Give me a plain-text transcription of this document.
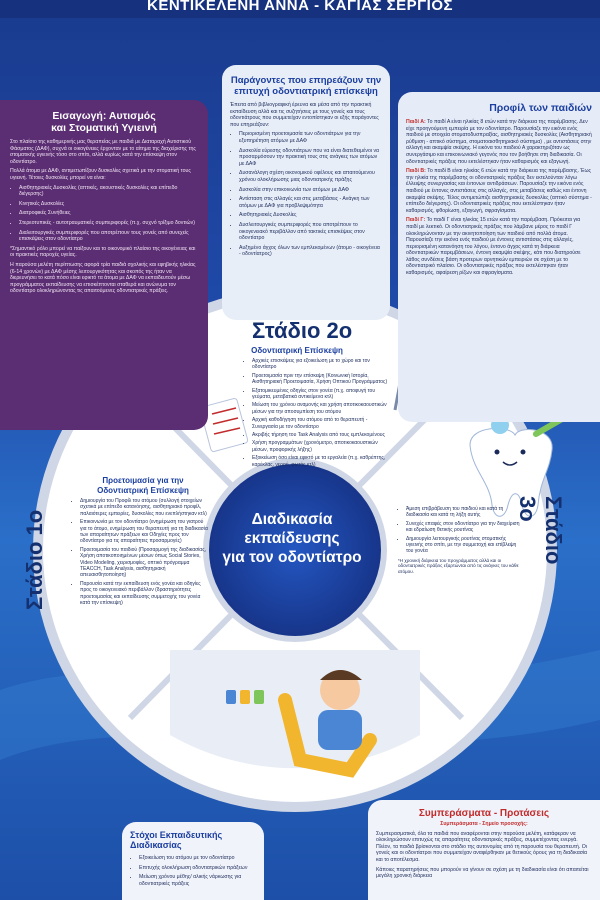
ΚΕΝΤΙΚΕΛΕΝΗ ΑΝΝΑ - ΚΑΓΙΑΣ ΣΕΡΓΙΟΣ
Εισαγωγή: Αυτισμός
και Στοματική Υγιεινή

Στο πλαίσιο της καθημερινής μας θεραπείας με παιδιά με Διαταραχή Αυτιστικού Φάσματος (ΔΑΦ), συχνά οι οικογένειες έρχονταν με το αίτημα της διαχείρισης της στοματικής υγιεινής τόσο στο σπίτι, αλλά κυρίως κατά την επίσκεψη στον οδοντίατρο.

Πολλά άτομα με ΔΑΦ, αντιμετωπίζουν δυσκολίες σχετικά με την στοματική τους υγιεινή. Τέτοιες δυσκολίες μπορεί να είναι:

• Αισθητηριακές Δυσκολίες (απτικές, ακουστικές δυσκολίες και επίπεδο διέγερσης)
• Κινητικές Δυσκολίες
• Διατροφικές Συνήθειες
• Στερεοτυπικές - αυτοτραυματικές συμπεριφορές (π.χ. συχνό τρίξιμο δοντιών)
• Διαλειτουργικές συμπεριφορές που αποτρέπουν τους γονείς από συνεχείς επισκέψεις στον οδοντίατρο

*Σημαντικό ρόλο μπορεί να παίξουν και το οικονομικό πλαίσιο της οικογένειας και οι πρακτικές παροχές υγείας.

Η παρούσα μελέτη περίπτωσης αφορά τρία παιδιά σχολικής και εφηβικής ηλικίας (6-14 χρονών) με ΔΑΦ μέσης λειτουργικότητας και σκοπός της ήταν να διερευνήσει το κατά πόσο είναι εφικτό τα άτομα με ΔΑΦ να εκπαιδευτούν μέσω προγράμματος εκπαίδευσης να επισκέπτονται σταθερά και ανώνυμα τον οδοντίατρο ολοκληρώνοντας τις απαιτούμενες οδοντιατρικές πράξεις.

Παράγοντες που επηρεάζουν την επιτυχή οδοντιατρική επίσκεψη

Έπειτα από βιβλιογραφική έρευνα και μέσα από την πρακτική εκπαίδευση αλλά και τις συζητήσεις με τους γονείς και τους οδοντιάτρους που συμμετείχαν εντοπίστηκαν οι εξής παράγοντες που επηρεάζουν:

• Περιορισμένη προετοιμασία των οδοντιάτρων για την εξυπηρέτηση ατόμων με ΔΑΦ
• Δυσκολία εύρεσης οδοντιάτρων που να είναι διατεθειμένοι να προσαρμόσουν την πρακτική τους στις ανάγκες των ατόμων με ΔΑΦ
• Δυσανάλογη σχέση οικονομικού οφέλους και απαιτούμενου χρόνου ολοκλήρωσης μιας οδοντιατρικής πράξης
• Δυσκολία στην επικοινωνία των ατόμων με ΔΑΦ
• Αντίσταση στις αλλαγές και στις μεταβάσεις - Ανάγκη των ατόμων με ΔΑΦ για προβλεψιμότητα
• Αισθητηριακές Δυσκολίες
• Δυσλειτουργικές συμπεριφορές που αποτρέπουν το οικογενειακό περιβάλλον από τακτικές επισκέψεις στον οδοντίατρο
• Αυξημένο άγχος όλων των εμπλεκομένων (άτομο - οικογένεια - οδοντίατρος)
Προφίλ των παιδιών

Παιδί Α: Το παιδί Α είναι ηλικίας 8 ετών κατά την διάρκεια της παρέμβασης. Δεν είχε προηγούμενη εμπειρία με τον οδοντίατρο. Παρουσίαζε την εικόνα ενός παιδιού με στοιχεία στοματοδυσπραξίας, αισθητηριακές δυσκολίες (Αισθητηριακή ρύθμιση - απτικό σύστημα, στοματοαισθητηριακό σύστημα) , με αντιστάσεις στην αλλαγή και ακαμψία σκέψης. Η εικόνα του παιδιού Α χαρακτηριζόταν ως συνεργάσιμο και επικοινωνιακό γεγονός που τον βοήθησε στη διαδικασία. Οι οδοντιατρικές πράξεις που εκτελέστηκαν ήταν καθαρισμός και εξαγωγή.

Παιδί Β: Το παιδί Β είναι ηλικίας 6 ετών κατά την διάρκεια της παρέμβασης. Έως την ηλικία της παρέμβασης οι οδοντιατρικές πράξεις δεν εκτελούνταν λόγω έλλειψης συνεργασίας και έντονων αντιδράσεων. Παρουσίαζε την εικόνα ενός παιδιού με έντονες αντιστάσεις στις αλλαγές, στις μεταβάσεις καθώς και έντονη ακαμψία σκέψης. Τέλος αντιμετώπιζε αισθητηριακές δυσκολίες (απτικό σύστημα - επίπεδο διέγερσης). Οι οδοντιατρικές πράξεις που εκτελέστηκαν ήταν καθαρισμός, φθορίωση, εξαγωγή, σφραγίσματα.

Παιδί Γ: Το παιδί Γ είναι ηλικίας 15 ετών κατά την παρέμβαση. Πρόκειται για παιδί με λεκτικό. Οι οδοντιατρικές πράξεις που λάμβανε μέρος το παιδί Γ ολοκληρώνονταν με την ακινητοποίηση των παιδιού από πολλά άτομα. Παρουσίαζε την εικόνα ενός παιδιού με έντονες αντιστάσεις στις αλλαγές, περιορισμένη κατανόηση του λόγου, έντονο άγχος κατά τη διάρκεια οδοντιατρικών παρεμβάσεων, έντονη ακαμψία σκέψης, κάτι που διατηρούσε λάθος συνδέσεις βάση προτερων αρνητικών εμπειριών σε σχέση με το οδοντιατρικό πλαίσιο. Οι οδοντιατρικές πράξεις που εκτελέστηκαν ήταν καθαρισμός, αφαίρεση ρίζων και σφραγίσματα.

Στάδιο 2ο
Οδοντιατρική Επίσκεψη
• Αρχικές επισκέψεις για εξοικείωση με το χώρο και τον οδοντίατρο
• Προετοιμασία πριν την επίσκεψη (Κοινωνική Ιστορία, Αισθητηριακή Προετοιμασία, Χρήση Οπτικού Προγράμματος)
• Εξατομικευμένες οδηγίες στον γονέα (π.χ. αποφυγή του γεύματα, μεταβατικά αντικείμενα κτλ)
• Μείωση του χρόνου αναμονής και χρήση αποτικοκαουστικών μέσων για την αποσυμπίεση του ατόμου
• Αρχική καθοδήγηση του ατόμου από το θεραπευτή - Συνεργασία με τον οδοντίατρο
• Ακριβής τήρηση του Task Analysis από τους εμπλεκομένους
• Χρήση προγραμμάτων (χρονόμετρο, αποτικοκαουστικών μέσων, προφορικής λήξης)
• Εξοικείωση όσο είναι εφικτό με τα εργαλεία (π.χ. καθρέπτης, καρέκλας, νερού, φωτός κτλ)
Στάδιο 1ο
Προετοιμασία για την Οδοντιατρική Επίσκεψη
• Δημιουργία του Προφίλ του ατόμου (συλλογή στοιχείων σχετικά με επίπεδο κατανόησης, αισθητηριακό προφίλ, παλαιότερες εμπειρίες, δυσκολίες που ενεπλήστηκαν κτλ)
• Επικοινωνία με τον οδοντίατρο (ενημέρωση του γιατρού για το άτομο, ενημέρωση του θεραπευτή για τη διαδικασία των απαραίτητων πράξεων και Οδηγίες προς τον οδοντίατρο για τις απαραίτητες προσαρμογές)
• Προετοιμασία του παιδιού (Προσαρμογή της διαδικασίας, Χρήση αποτικοποιημένων μέσων όπως Social Stories, Video Modeling, χειρισμοφίες, οπτικό πρόγραμμα TEACCH, Task Analysis, αισθητηριακή απευαισθητοποίηση)
• Παρουσία κατά την εκπαίδευση ενός γονέα και οδηγίες προς το οικογενειακό περιβάλλον (δραστηριότητες προετοιμασίας και εκπαίδευσης συμμετοχής του γονέα κατά την επίσκεψη)
Στάδιο 3ο
• Άμεση επιβράβευση του παιδιού και κατά τη διαδικασία και κατά τη λήξη αυτής
• Συνεχές επαφές στον οδοντίατρο για την διαχείριση και εδραίωση θετικής ρουτίνας
• Δημιουργία λειτουργικής ρουτίνας στοματικής υγιεινής στο σπίτι, με την συμμετοχή και επίβλεψη του γονέα

*Η χρονική διάρκεια του προγράμματος αλλά και οι οδοντιατρικές πράξεις εξαρτώνται από τις ανάγκες του κάθε ατόμου.

Διαδικασία
εκπαίδευσης
για τον οδοντίατρο
Στόχοι Εκπαιδευτικής Διαδικασίας
• Εξοικείωση του ατόμου με τον οδοντίατρο
• Επιτυχής ολοκλήρωση οδοντιατρικών πράξεων
• Μείωση χρόνου μέθης/ αλικής νάρκωσης για οδοντιατρικές πράξεις
Συμπεράσματα - Προτάσεις
Συμπεράσματα - Σημείο προσοχής:

Συμπερασματικά, όλα τα παιδιά που αναφέρονται στην παρούσα μελέτη, κατάφεραν να ολοκληρώσουν επιτυχώς τις απαραίτητες οδοντιατρικές πράξεις, συμμετέχοντας ενεργά. Πλέον, τα παιδιά βρίσκονται στο στάδιο της αυτονομίας από τη παρουσία του θεραπευτή. Οι γονείς και οι οδοντίατροι που συμμετείχαν αναφέρθηκαν με θετικούς όρους για τη διαδικασία και το αποτέλεσμα.

Κάποιες παρατηρήσεις που μπορούν να γίνουν σε σχέση με τη διαδικασία είναι ότι απαιτείται μεγάλη χρονική διάρκεια
